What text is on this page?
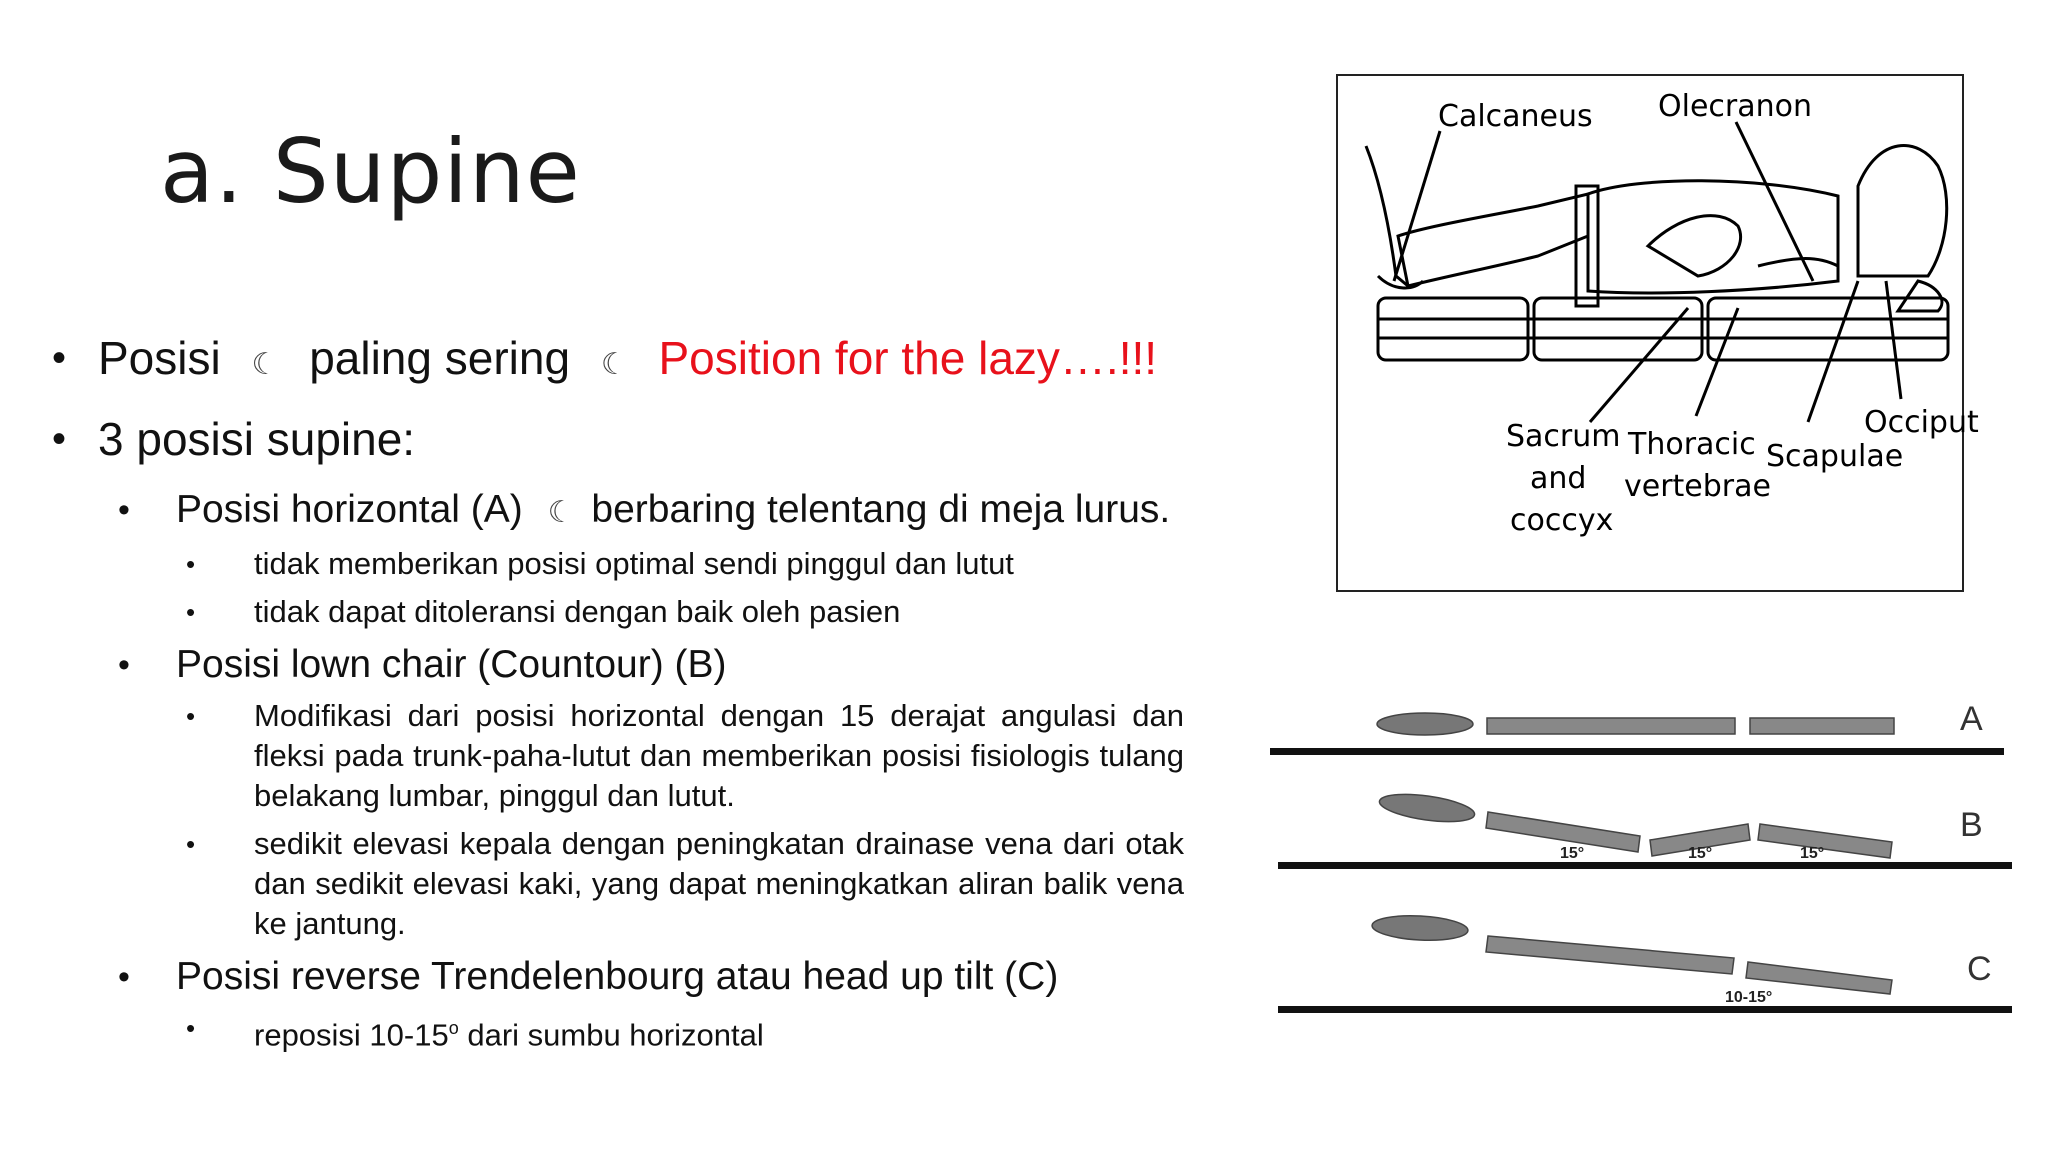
a. Supine
• Posisi ☾ paling sering ☾ Position for the lazy….!!!
• 3 posisi supine:
• Posisi horizontal (A) ☾ berbaring telentang di meja lurus.
• tidak memberikan posisi optimal sendi pinggul dan lutut
• tidak dapat ditoleransi dengan baik oleh pasien
• Posisi lown chair (Countour) (B)
• Modifikasi dari posisi horizontal dengan 15 derajat angulasi dan fleksi pada trunk-paha-lutut dan memberikan posisi fisiologis tulang belakang lumbar, pinggul dan lutut.
• sedikit elevasi kepala dengan peningkatan drainase vena dari otak dan sedikit elevasi kaki, yang dapat meningkatkan aliran balik vena ke jantung.
• Posisi reverse Trendelenbourg atau head up tilt (C)
• reposisi 10-15$^o$ dari sumbu horizontal
Calcaneus Olecranon
Sacrum
and
coccyx
Thoracic
vertebrae
Scapulae
Occiput
A
15°	15°	15°
B
10-15°
C
